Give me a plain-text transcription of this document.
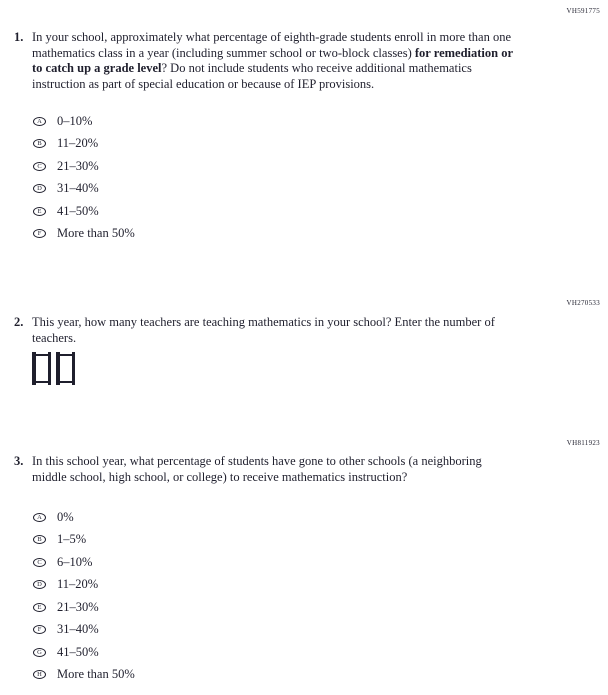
VH591775
VH270533
VH811923
1. In your school, approximately what percentage of eighth-grade students enroll in more than one mathematics class in a year (including summer school or two-block classes) for remediation or to catch up a grade level? Do not include students who receive additional mathematics instruction as part of special education or because of IEP provisions.
A	0–10%
B	11–20%
C	21–30%
D	31–40%
E	41–50%
F	More than 50%
2. This year, how many teachers are teaching mathematics in your school? Enter the number of teachers.
3. In this school year, what percentage of students have gone to other schools (a neighboring middle school, high school, or college) to receive mathematics instruction?
A	0%
B	1–5%
C	6–10%
D	11–20%
E	21–30%
F	31–40%
G	41–50%
H	More than 50%
